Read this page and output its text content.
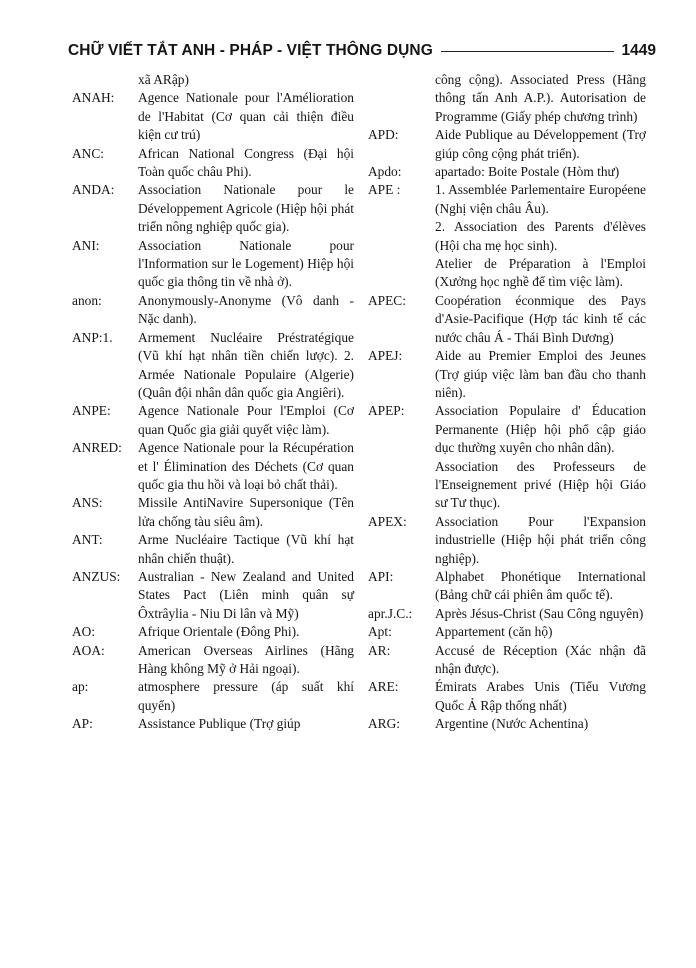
CHỮ VIẾT TẮT ANH - PHÁP - VIỆT THÔNG DỤNG	1449
xã ARập)
ANAH:	Agence Nationale pour l'Amélioration de l'Habitat (Cơ quan cải thiện điều kiện cư trú)
ANC:	African National Congress (Đại hội Toàn quốc châu Phi).
ANDA:	Association Nationale pour le Développement Agricole (Hiệp hội phát triển nông nghiệp quốc gia).
ANI:	Association Nationale pour l'Information sur le Logement) Hiệp hội quốc gia thông tin về nhà ở).
anon:	Anonymously-Anonyme (Vô danh - Nặc danh).
ANP:1.	Armement Nucléaire Préstratégique (Vũ khí hạt nhân tiền chiến lược). 2. Armée Nationale Populaire (Algerie) (Quân đội nhân dân quốc gia Angiêri).
ANPE:	Agence Nationale Pour l'Emploi (Cơ quan Quốc gia giải quyết việc làm).
ANRED:	Agence Nationale pour la Récupération et l' Élimination des Déchets (Cơ quan quốc gia thu hồi và loại bỏ chất thải).
ANS:	Missile AntiNavire Supersonique (Tên lửa chống tàu siêu âm).
ANT:	Arme Nucléaire Tactique (Vũ khí hạt nhân chiến thuật).
ANZUS:	Australian - New Zealand and United States Pact (Liên minh quân sự Ôxtrâylia - Niu Di lân và Mỹ)
AO:	Afrique Orientale (Đông Phi).
AOA:	American Overseas Airlines (Hãng Hàng không Mỹ ở Hải ngoại).
ap:	atmosphere pressure (áp suất khí quyển)
AP:	Assistance Publique (Trợ giúp
công cộng). Associated Press (Hãng thông tấn Anh A.P.). Autorisation de Programme (Giấy phép chương trình)
APD:	Aide Publique au Développement (Trợ giúp công cộng phát triển).
Apdo:	apartado: Boite Postale (Hòm thư)
APE :	1. Assemblée Parlementaire Européene (Nghị viện châu Âu).
2. Association des Parents d'élèves (Hội cha mẹ học sinh).
Atelier de Préparation à l'Emploi (Xưởng học nghề để tìm việc làm).
APEC:	Coopération éconmique des Pays d'Asie-Pacifique (Hợp tác kinh tế các nước châu Á - Thái Bình Dương)
APEJ:	Aide au Premier Emploi des Jeunes (Trợ giúp việc làm ban đầu cho thanh niên).
APEP:	Association Populaire d' Éducation Permanente (Hiệp hội phổ cập giáo dục thường xuyên cho nhân dân).
Association des Professeurs de l'Enseignement privé (Hiệp hội Giáo sư Tư thục).
APEX:	Association Pour l'Expansion industrielle (Hiệp hội phát triển công nghiệp).
API:	Alphabet Phonétique International (Bảng chữ cái phiên âm quốc tế).
apr.J.C.:	Après Jésus-Christ (Sau Công nguyên)
Apt:	Appartement (căn hộ)
AR:	Accusé de Réception (Xác nhận đã nhận được).
ARE:	Émirats Arabes Unis (Tiểu Vương Quốc Ả Rập thống nhất)
ARG:	Argentine (Nước Achentina)
